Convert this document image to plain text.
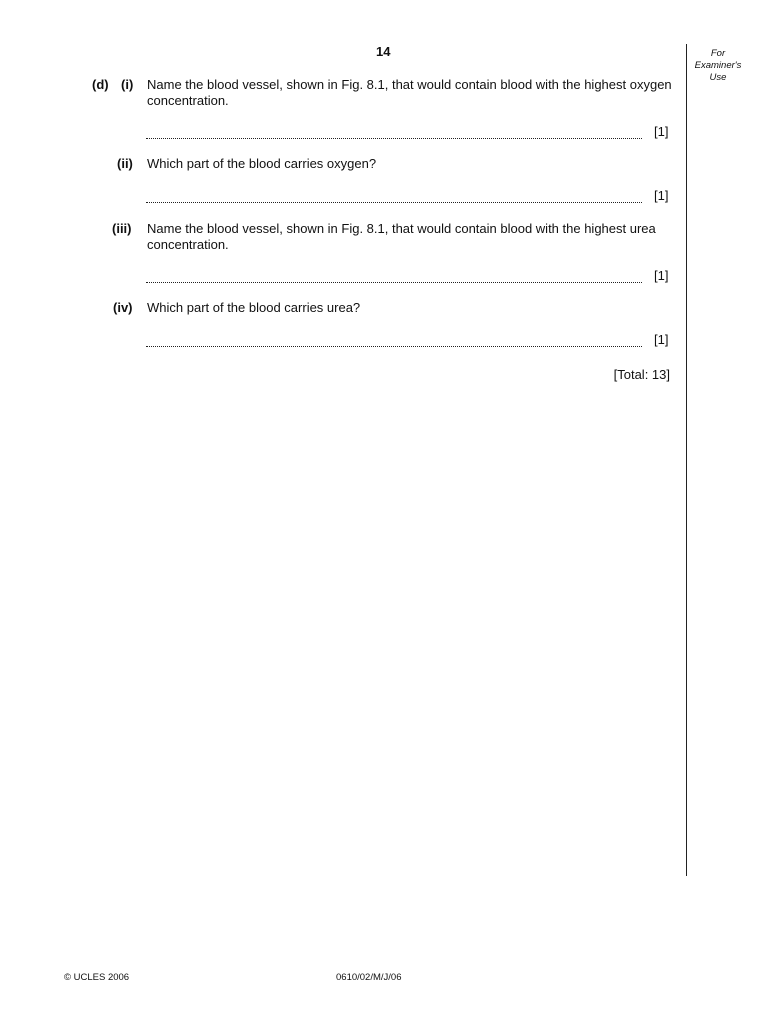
14	For
Examiner's
Use
(d) (i) Name the blood vessel, shown in Fig. 8.1, that would contain blood with the highest oxygen concentration.
[1]
(ii) Which part of the blood carries oxygen?
[1]
(iii) Name the blood vessel, shown in Fig. 8.1, that would contain blood with the highest urea concentration.
[1]
(iv) Which part of the blood carries urea?
[1]
[Total: 13]
© UCLES 2006	0610/02/M/J/06
